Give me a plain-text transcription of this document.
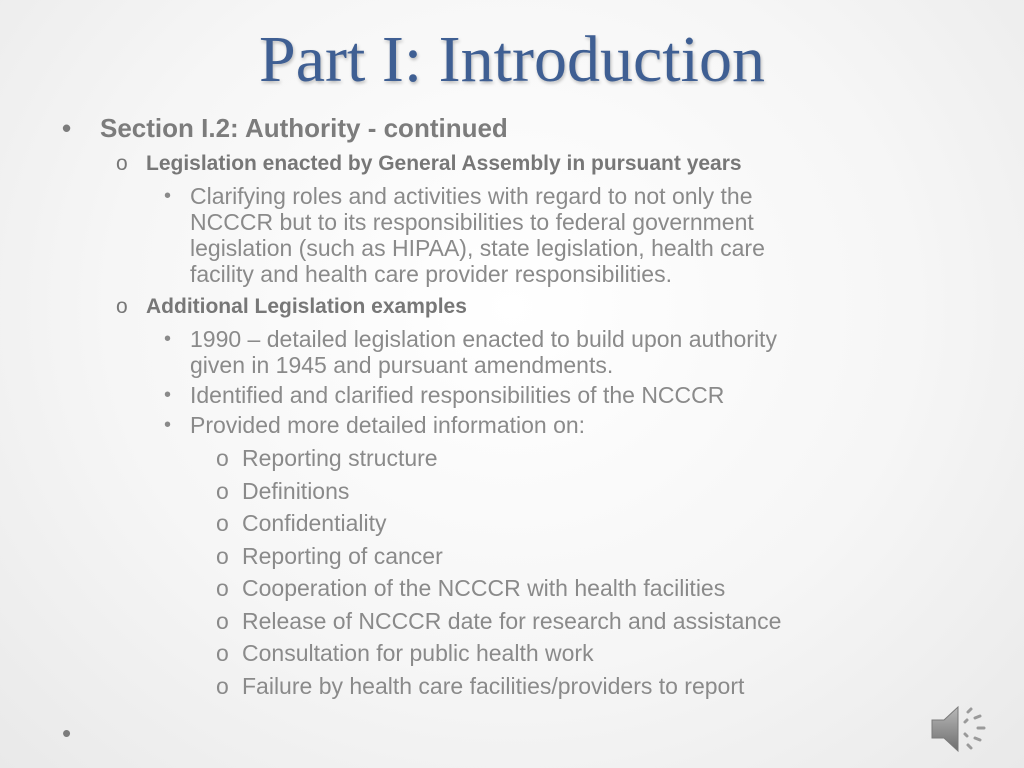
Part I: Introduction
• Section I.2: Authority - continued
o Legislation enacted by General Assembly in pursuant years
• Clarifying roles and activities with regard to not only the
NCCCR but to its responsibilities to federal government
legislation (such as HIPAA), state legislation, health care
facility and health care provider responsibilities.
o Additional Legislation examples
• 1990 – detailed legislation enacted to build upon authority
given in 1945 and pursuant amendments.
• Identified and clarified responsibilities of the NCCCR
• Provided more detailed information on:
o Reporting structure
o Definitions
o Confidentiality
o Reporting of cancer
o Cooperation of the NCCCR with health facilities
o Release of NCCCR date for research and assistance
o Consultation for public health work
o Failure by health care facilities/providers to report
•
